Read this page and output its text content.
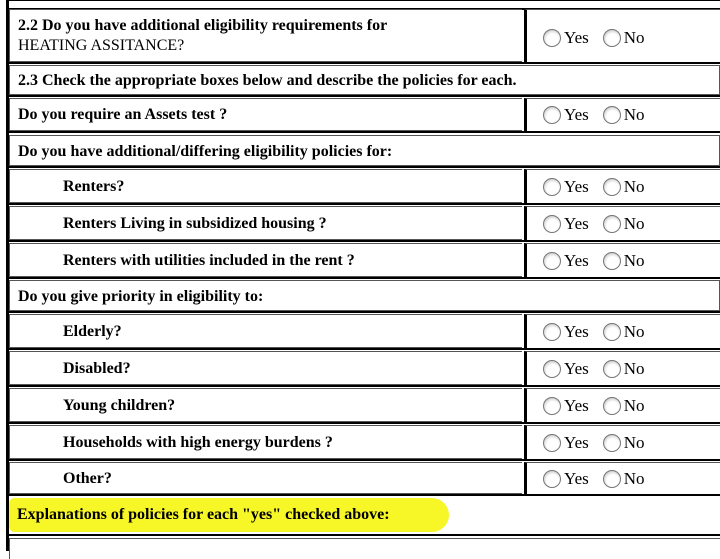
2.2 Do you have additional eligibility requirements for
HEATING ASSITANCE?	Yes No
2.3 Check the appropriate boxes below and describe the policies for each.
Do you require an Assets test ?	Yes No
Do you have additional/differing eligibility policies for:
Renters?	Yes No
Renters Living in subsidized housing ?	Yes No
Renters with utilities included in the rent ?	Yes No
Do you give priority in eligibility to:
Elderly?	Yes No
Disabled?	Yes No
Young children?	Yes No
Households with high energy burdens ?	Yes No
Other?	Yes No
Explanations of policies for each "yes" checked above:
